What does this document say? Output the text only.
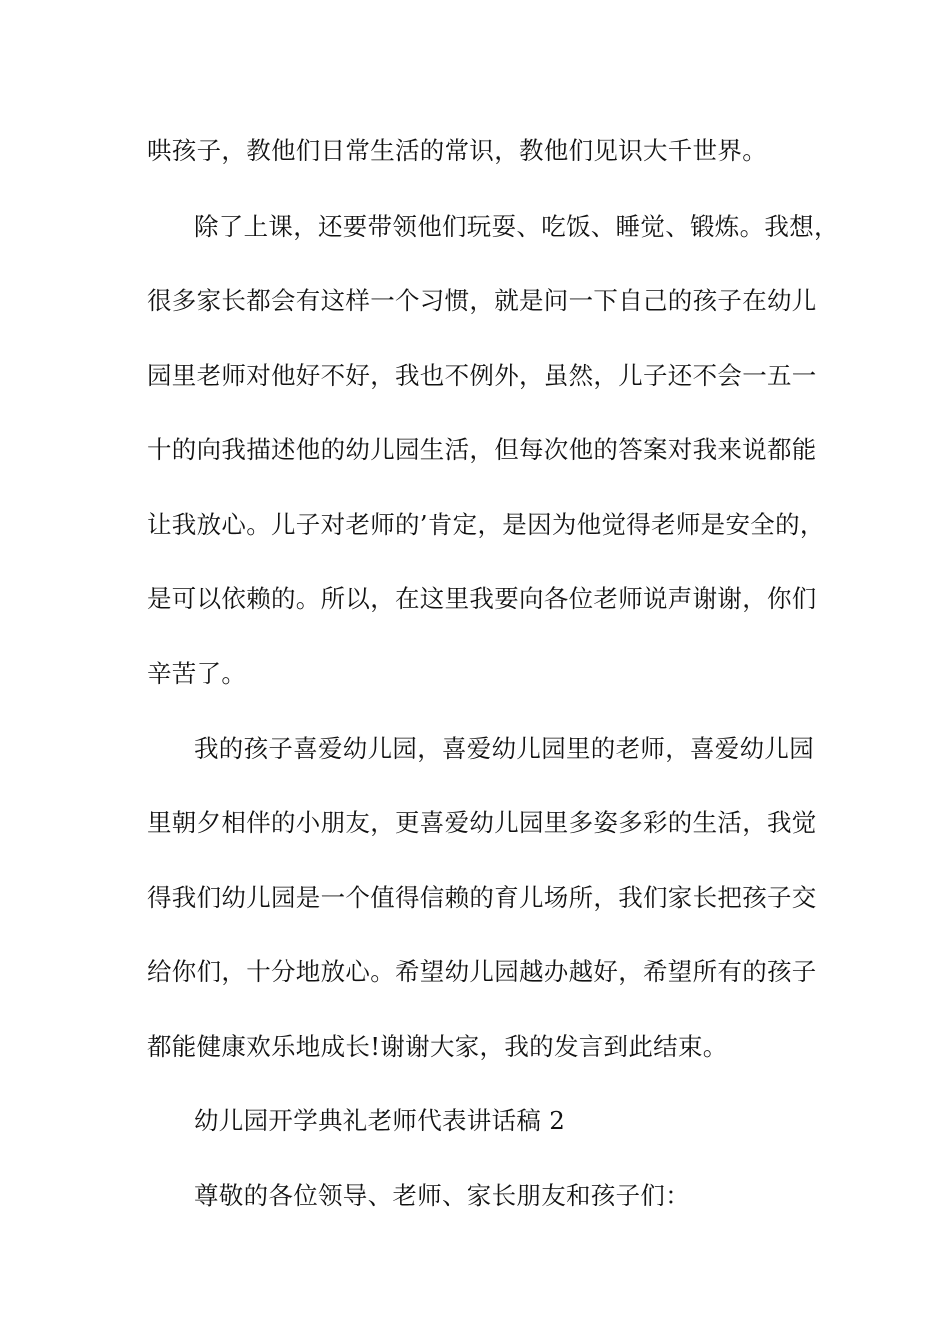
哄孩子，教他们日常生活的常识，教他们见识大千世界。
除了上课，还要带领他们玩耍、吃饭、睡觉、锻炼。我想，
很多家长都会有这样一个习惯，就是问一下自己的孩子在幼儿
园里老师对他好不好，我也不例外，虽然，儿子还不会一五一
十的向我描述他的幼儿园生活，但每次他的答案对我来说都能
让我放心。儿子对老师的’肯定，是因为他觉得老师是安全的，
是可以依赖的。所以，在这里我要向各位老师说声谢谢，你们
辛苦了。
我的孩子喜爱幼儿园，喜爱幼儿园里的老师，喜爱幼儿园
里朝夕相伴的小朋友，更喜爱幼儿园里多姿多彩的生活，我觉
得我们幼儿园是一个值得信赖的育儿场所，我们家长把孩子交
给你们，十分地放心。希望幼儿园越办越好，希望所有的孩子
都能健康欢乐地成长!谢谢大家，我的发言到此结束。
幼儿园开学典礼老师代表讲话稿 2
尊敬的各位领导、老师、家长朋友和孩子们：
